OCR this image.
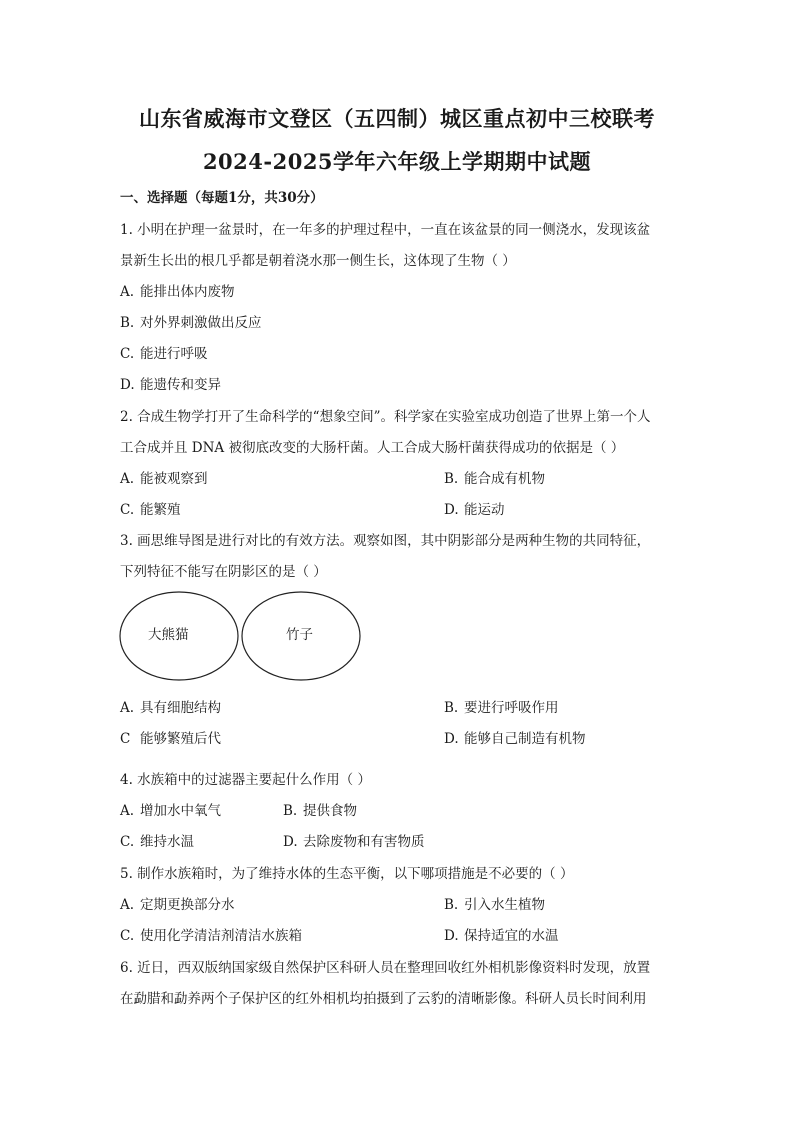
山东省威海市文登区（五四制）城区重点初中三校联考
2024-2025学年六年级上学期期中试题
一、选择题（每题1分，共30分）
1. 小明在护理一盆景时，在一年多的护理过程中，一直在该盆景的同一侧浇水，发现该盆
景新生长出的根几乎都是朝着浇水那一侧生长，这体现了生物（ ）
A. 能排出体内废物
B. 对外界刺激做出反应
C. 能进行呼吸
D. 能遗传和变异
2. 合成生物学打开了生命科学的“想象空间”。科学家在实验室成功创造了世界上第一个人
工合成并且 DNA 被彻底改变的大肠杆菌。人工合成大肠杆菌获得成功的依据是（ ）
A. 能被观察到	B. 能合成有机物
C. 能繁殖	D. 能运动
3. 画思维导图是进行对比的有效方法。观察如图，其中阴影部分是两种生物的共同特征，
下列特征不能写在阴影区的是（ ）
大熊猫	竹子
A. 具有细胞结构	B. 要进行呼吸作用
C 能够繁殖后代	D. 能够自己制造有机物
4. 水族箱中的过滤器主要起什么作用（ ）
A. 增加水中氧气	B. 提供食物
C. 维持水温	D. 去除废物和有害物质
5. 制作水族箱时，为了维持水体的生态平衡，以下哪项措施是不必要的（ ）
A. 定期更换部分水	B. 引入水生植物
C. 使用化学清洁剂清洁水族箱	D. 保持适宜的水温
6. 近日，西双版纳国家级自然保护区科研人员在整理回收红外相机影像资料时发现，放置
在勐腊和勐养两个子保护区的红外相机均拍摄到了云豹的清晰影像。科研人员长时间利用
